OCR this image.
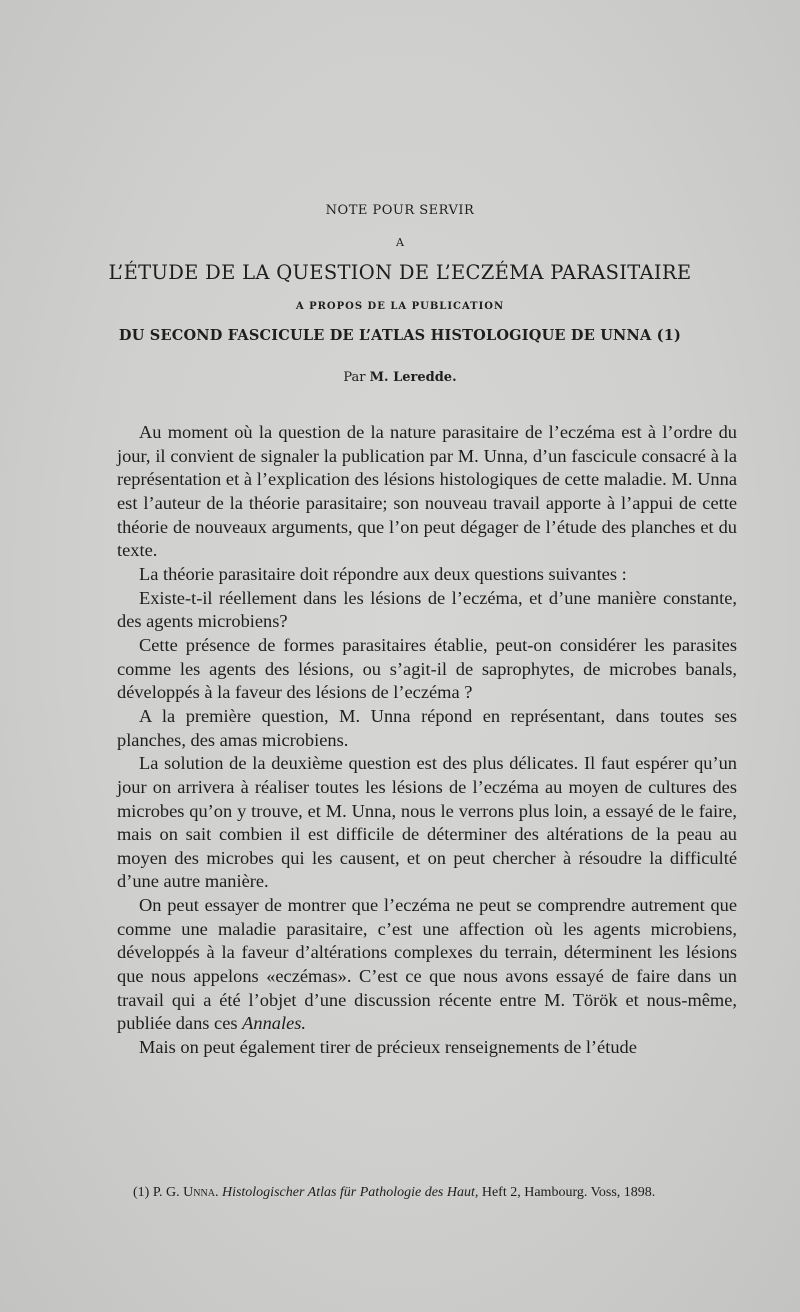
NOTE POUR SERVIR
A
L’ÉTUDE DE LA QUESTION DE L’ECZÉMA PARASITAIRE
A PROPOS DE LA PUBLICATION
DU SECOND FASCICULE DE L’ATLAS HISTOLOGIQUE DE UNNA (1)
Par M. Leredde.

Au moment où la question de la nature parasitaire de l’eczéma est à l’ordre du jour, il convient de signaler la publication par M. Unna, d’un fascicule consacré à la représentation et à l’explication des lésions histologiques de cette maladie. M. Unna est l’auteur de la théorie parasitaire; son nouveau travail apporte à l’appui de cette théorie de nouveaux arguments, que l’on peut dégager de l’étude des planches et du texte.

La théorie parasitaire doit répondre aux deux questions suivantes :

Existe-t-il réellement dans les lésions de l’eczéma, et d’une manière constante, des agents microbiens?

Cette présence de formes parasitaires établie, peut-on considérer les parasites comme les agents des lésions, ou s’agit-il de saprophytes, de microbes banals, développés à la faveur des lésions de l’eczéma ?

A la première question, M. Unna répond en représentant, dans toutes ses planches, des amas microbiens.

La solution de la deuxième question est des plus délicates. Il faut espérer qu’un jour on arrivera à réaliser toutes les lésions de l’eczéma au moyen de cultures des microbes qu’on y trouve, et M. Unna, nous le verrons plus loin, a essayé de le faire, mais on sait combien il est difficile de déterminer des altérations de la peau au moyen des microbes qui les causent, et on peut chercher à résoudre la difficulté d’une autre manière.

On peut essayer de montrer que l’eczéma ne peut se comprendre autrement que comme une maladie parasitaire, c’est une affection où les agents microbiens, développés à la faveur d’altérations complexes du terrain, déterminent les lésions que nous appelons «eczémas». C’est ce que nous avons essayé de faire dans un travail qui a été l’objet d’une discussion récente entre M. Török et nous-même, publiée dans ces Annales.

Mais on peut également tirer de précieux renseignements de l’étude

(1) P. G. Unna. Histologischer Atlas für Pathologie des Haut, Heft 2, Hambourg. Voss, 1898.
